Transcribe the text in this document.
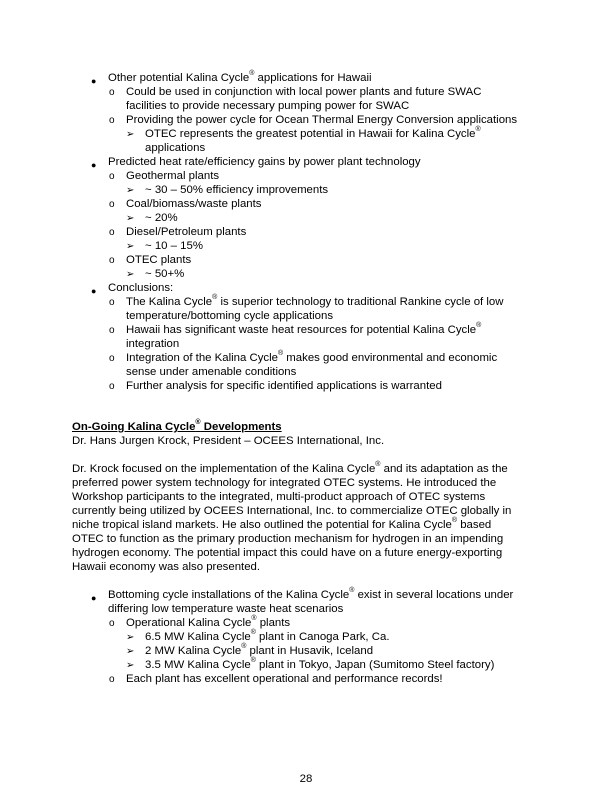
● Other potential Kalina Cycle® applications for Hawaii
o Could be used in conjunction with local power plants and future SWAC
facilities to provide necessary pumping power for SWAC
o Providing the power cycle for Ocean Thermal Energy Conversion applications
➢ OTEC represents the greatest potential in Hawaii for Kalina Cycle®
applications
● Predicted heat rate/efficiency gains by power plant technology
o Geothermal plants
➢ ~ 30 – 50% efficiency improvements
o Coal/biomass/waste plants
➢ ~ 20%
o Diesel/Petroleum plants
➢ ~ 10 – 15%
o OTEC plants
➢ ~ 50+%
● Conclusions:
o The Kalina Cycle® is superior technology to traditional Rankine cycle of low
temperature/bottoming cycle applications
o Hawaii has significant waste heat resources for potential Kalina Cycle®
integration
o Integration of the Kalina Cycle® makes good environmental and economic
sense under amenable conditions
o Further analysis for specific identified applications is warranted
On-Going Kalina Cycle® Developments
Dr. Hans Jurgen Krock, President – OCEES International, Inc.
Dr. Krock focused on the implementation of the Kalina Cycle® and its adaptation as the
preferred power system technology for integrated OTEC systems. He introduced the
Workshop participants to the integrated, multi-product approach of OTEC systems
currently being utilized by OCEES International, Inc. to commercialize OTEC globally in
niche tropical island markets. He also outlined the potential for Kalina Cycle® based
OTEC to function as the primary production mechanism for hydrogen in an impending
hydrogen economy. The potential impact this could have on a future energy-exporting
Hawaii economy was also presented.
● Bottoming cycle installations of the Kalina Cycle® exist in several locations under
differing low temperature waste heat scenarios
o Operational Kalina Cycle® plants
➢ 6.5 MW Kalina Cycle® plant in Canoga Park, Ca.
➢ 2 MW Kalina Cycle® plant in Husavik, Iceland
➢ 3.5 MW Kalina Cycle® plant in Tokyo, Japan (Sumitomo Steel factory)
o Each plant has excellent operational and performance records!
28
